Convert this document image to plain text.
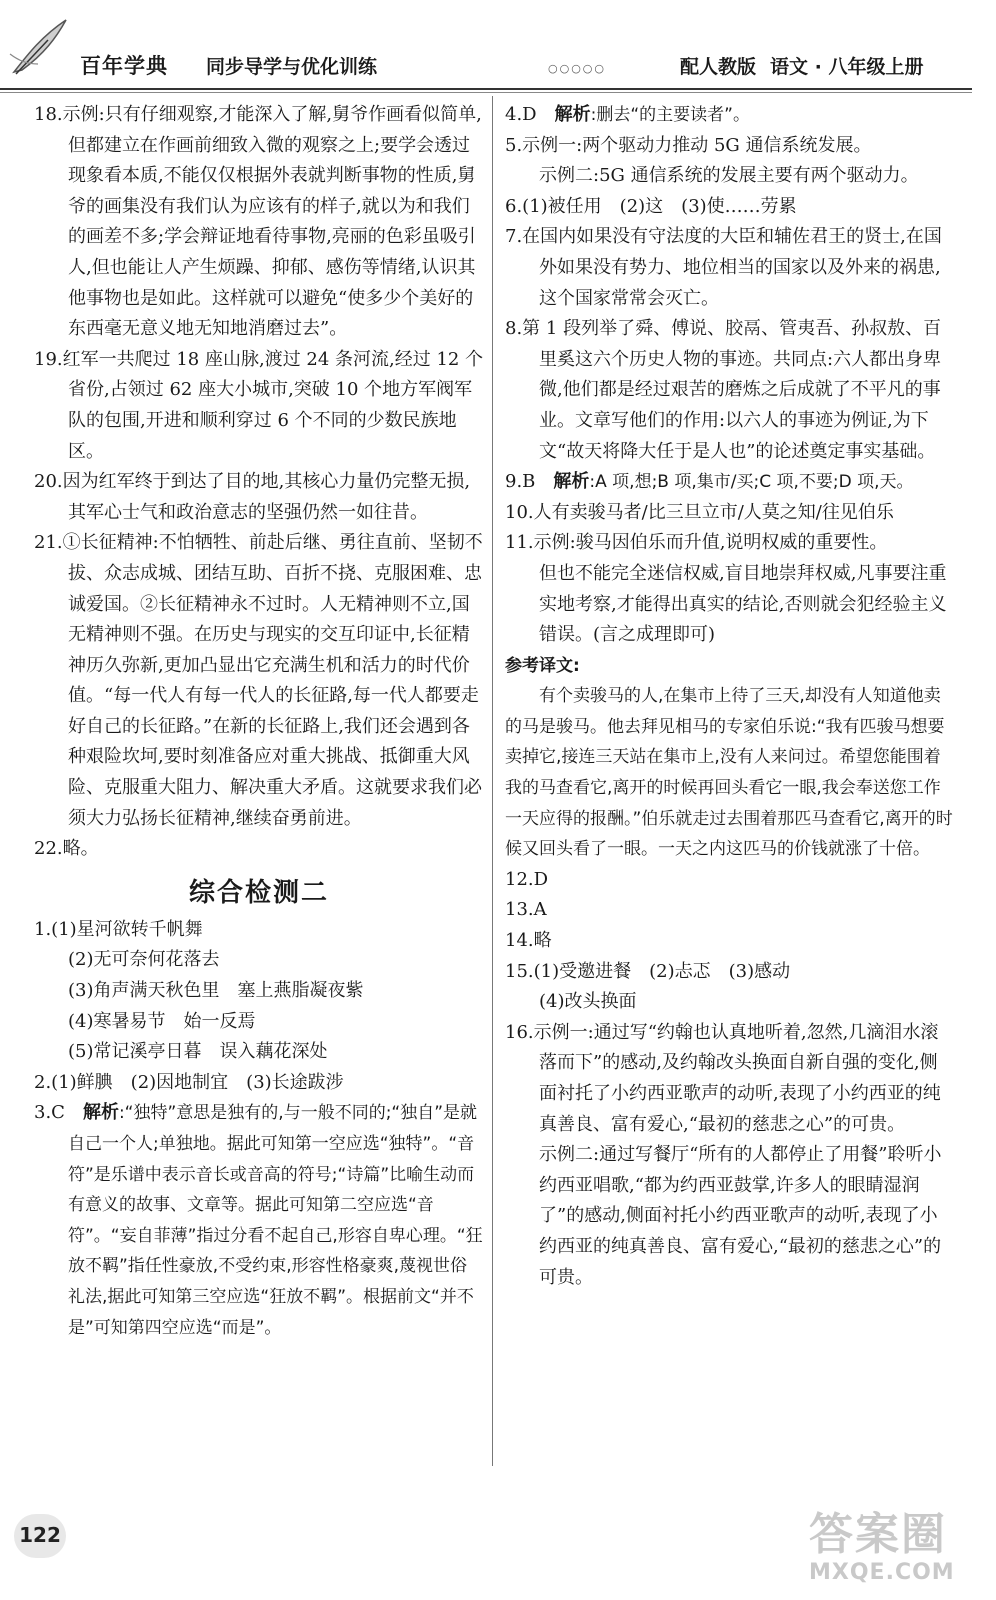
百年学典 同步导学与优化训练	○○○○○	配人教版 语文 · 八年级上册

18.示例:只有仔细观察,才能深入了解,舅爷作画看似简单,但都建立在作画前细致入微的观察之上;要学会透过现象看本质,不能仅仅根据外表就判断事物的性质,舅爷的画集没有我们认为应该有的样子,就以为和我们的画差不多;学会辩证地看待事物,亮丽的色彩虽吸引人,但也能让人产生烦躁、抑郁、感伤等情绪,认识其他事物也是如此。这样就可以避免“使多少个美好的东西毫无意义地无知地消磨过去”。

19.红军一共爬过 18 座山脉,渡过 24 条河流,经过 12 个省份,占领过 62 座大小城市,突破 10 个地方军阀军队的包围,开进和顺利穿过 6 个不同的少数民族地区。

20.因为红军终于到达了目的地,其核心力量仍完整无损,其军心士气和政治意志的坚强仍然一如往昔。

21.①长征精神:不怕牺牲、前赴后继、勇往直前、坚韧不拔、众志成城、团结互助、百折不挠、克服困难、忠诚爱国。②长征精神永不过时。人无精神则不立,国无精神则不强。在历史与现实的交互印证中,长征精神历久弥新,更加凸显出它充满生机和活力的时代价值。“每一代人有每一代人的长征路,每一代人都要走好自己的长征路。”在新的长征路上,我们还会遇到各种艰险坎坷,要时刻准备应对重大挑战、抵御重大风险、克服重大阻力、解决重大矛盾。这就要求我们必须大力弘扬长征精神,继续奋勇前进。

22.略。

综合检测二

1.(1)星河欲转千帆舞

(2)无可奈何花落去

(3)角声满天秋色里　塞上燕脂凝夜紫

(4)寒暑易节　始一反焉

(5)常记溪亭日暮　误入藕花深处

2.(1)鲜腆　(2)因地制宜　(3)长途跋涉

3.C　解析:“独特”意思是独有的,与一般不同的;“独自”是就自己一个人;单独地。据此可知第一空应选“独特”。“音符”是乐谱中表示音长或音高的符号;“诗篇”比喻生动而有意义的故事、文章等。据此可知第二空应选“音符”。“妄自菲薄”指过分看不起自己,形容自卑心理。“狂放不羁”指任性豪放,不受约束,形容性格豪爽,蔑视世俗礼法,据此可知第三空应选“狂放不羁”。根据前文“并不是”可知第四空应选“而是”。

4.D　解析:删去“的主要读者”。

5.示例一:两个驱动力推动 5G 通信系统发展。

示例二:5G 通信系统的发展主要有两个驱动力。

6.(1)被任用　(2)这　(3)使……劳累

7.在国内如果没有守法度的大臣和辅佐君王的贤士,在国外如果没有势力、地位相当的国家以及外来的祸患,这个国家常常会灭亡。

8.第 1 段列举了舜、傅说、胶鬲、管夷吾、孙叔敖、百里奚这六个历史人物的事迹。共同点:六人都出身卑微,他们都是经过艰苦的磨炼之后成就了不平凡的事业。文章写他们的作用:以六人的事迹为例证,为下文“故天将降大任于是人也”的论述奠定事实基础。

9.B　解析:A 项,想;B 项,集市/买;C 项,不要;D 项,天。

10.人有卖骏马者/比三旦立市/人莫之知/往见伯乐

11.示例:骏马因伯乐而升值,说明权威的重要性。

但也不能完全迷信权威,盲目地崇拜权威,凡事要注重实地考察,才能得出真实的结论,否则就会犯经验主义错误。(言之成理即可)

参考译文:

有个卖骏马的人,在集市上待了三天,却没有人知道他卖的马是骏马。他去拜见相马的专家伯乐说:“我有匹骏马想要卖掉它,接连三天站在集市上,没有人来问过。希望您能围着我的马查看它,离开的时候再回头看它一眼,我会奉送您工作一天应得的报酬。”伯乐就走过去围着那匹马查看它,离开的时候又回头看了一眼。一天之内这匹马的价钱就涨了十倍。

12.D

13.A

14.略

15.(1)受邀进餐　(2)忐忑　(3)感动

(4)改头换面

16.示例一:通过写“约翰也认真地听着,忽然,几滴泪水滚落而下”的感动,及约翰改头换面自新自强的变化,侧面衬托了小约西亚歌声的动听,表现了小约西亚的纯真善良、富有爱心,“最初的慈悲之心”的可贵。

示例二:通过写餐厅“所有的人都停止了用餐”聆听小约西亚唱歌,“都为约西亚鼓掌,许多人的眼睛湿润了”的感动,侧面衬托小约西亚歌声的动听,表现了小约西亚的纯真善良、富有爱心,“最初的慈悲之心”的可贵。

122	答案圈
MXQE.COM
